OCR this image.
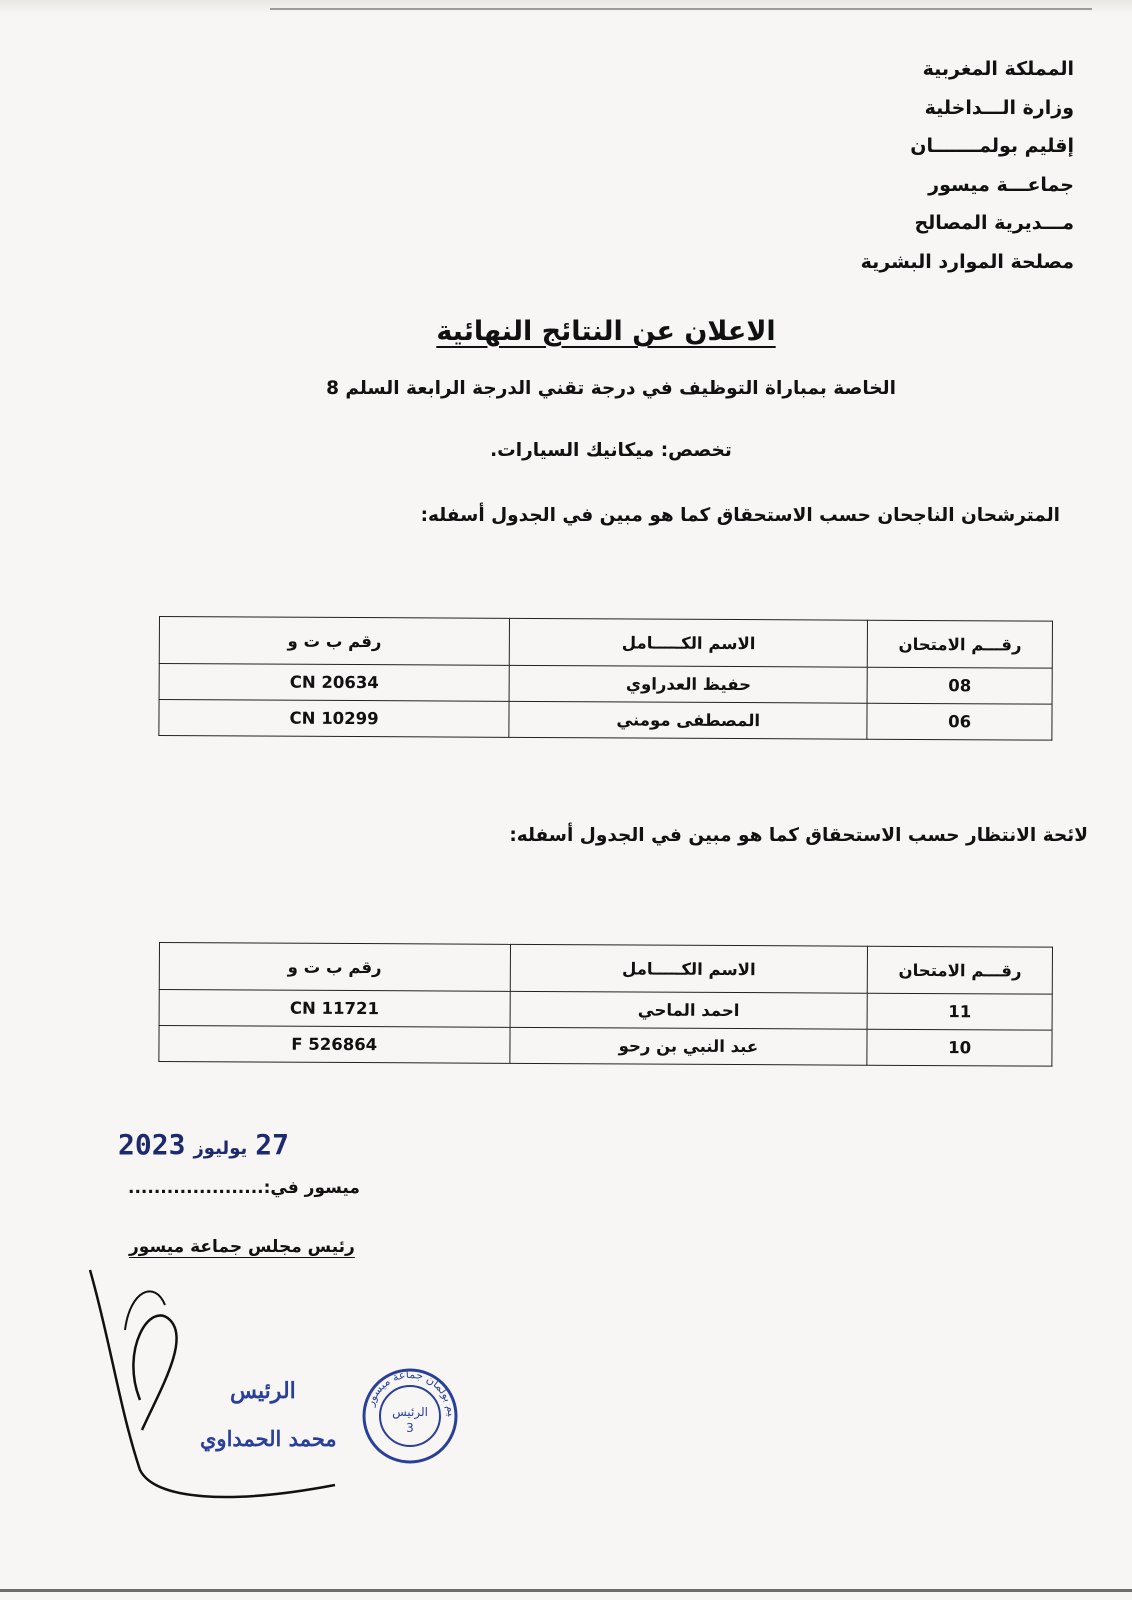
المملكة المغربية
وزارة الـــداخلية
إقليم بولمـــــــان
جماعـــة ميسور
مـــديرية المصالح
مصلحة الموارد البشرية
الاعلان عن النتائج النهائية
الخاصة بمباراة التوظيف في درجة تقني الدرجة الرابعة السلم 8
تخصص: ميكانيك السيارات.
المترشحان الناجحان حسب الاستحقاق كما هو مبين في الجدول أسفله:
رقـــم الامتحان	الاسم الكـــــامل	رقم ب ت و
08	حفيظ العدراوي	CN 20634
06	المصطفى مومني	CN 10299
لائحة الانتظار حسب الاستحقاق كما هو مبين في الجدول أسفله:
رقـــم الامتحان	الاسم الكـــــامل	رقم ب ت و
11	احمد الماحي	CN 11721
10	عبد النبي بن رحو	F 526864
27يوليوز2023
ميسور في:.....................
رئيس مجلس جماعة ميسور
الرئيس
محمد الحمداوي
الرئيس
3
يم بولمان جماعة ميسور
